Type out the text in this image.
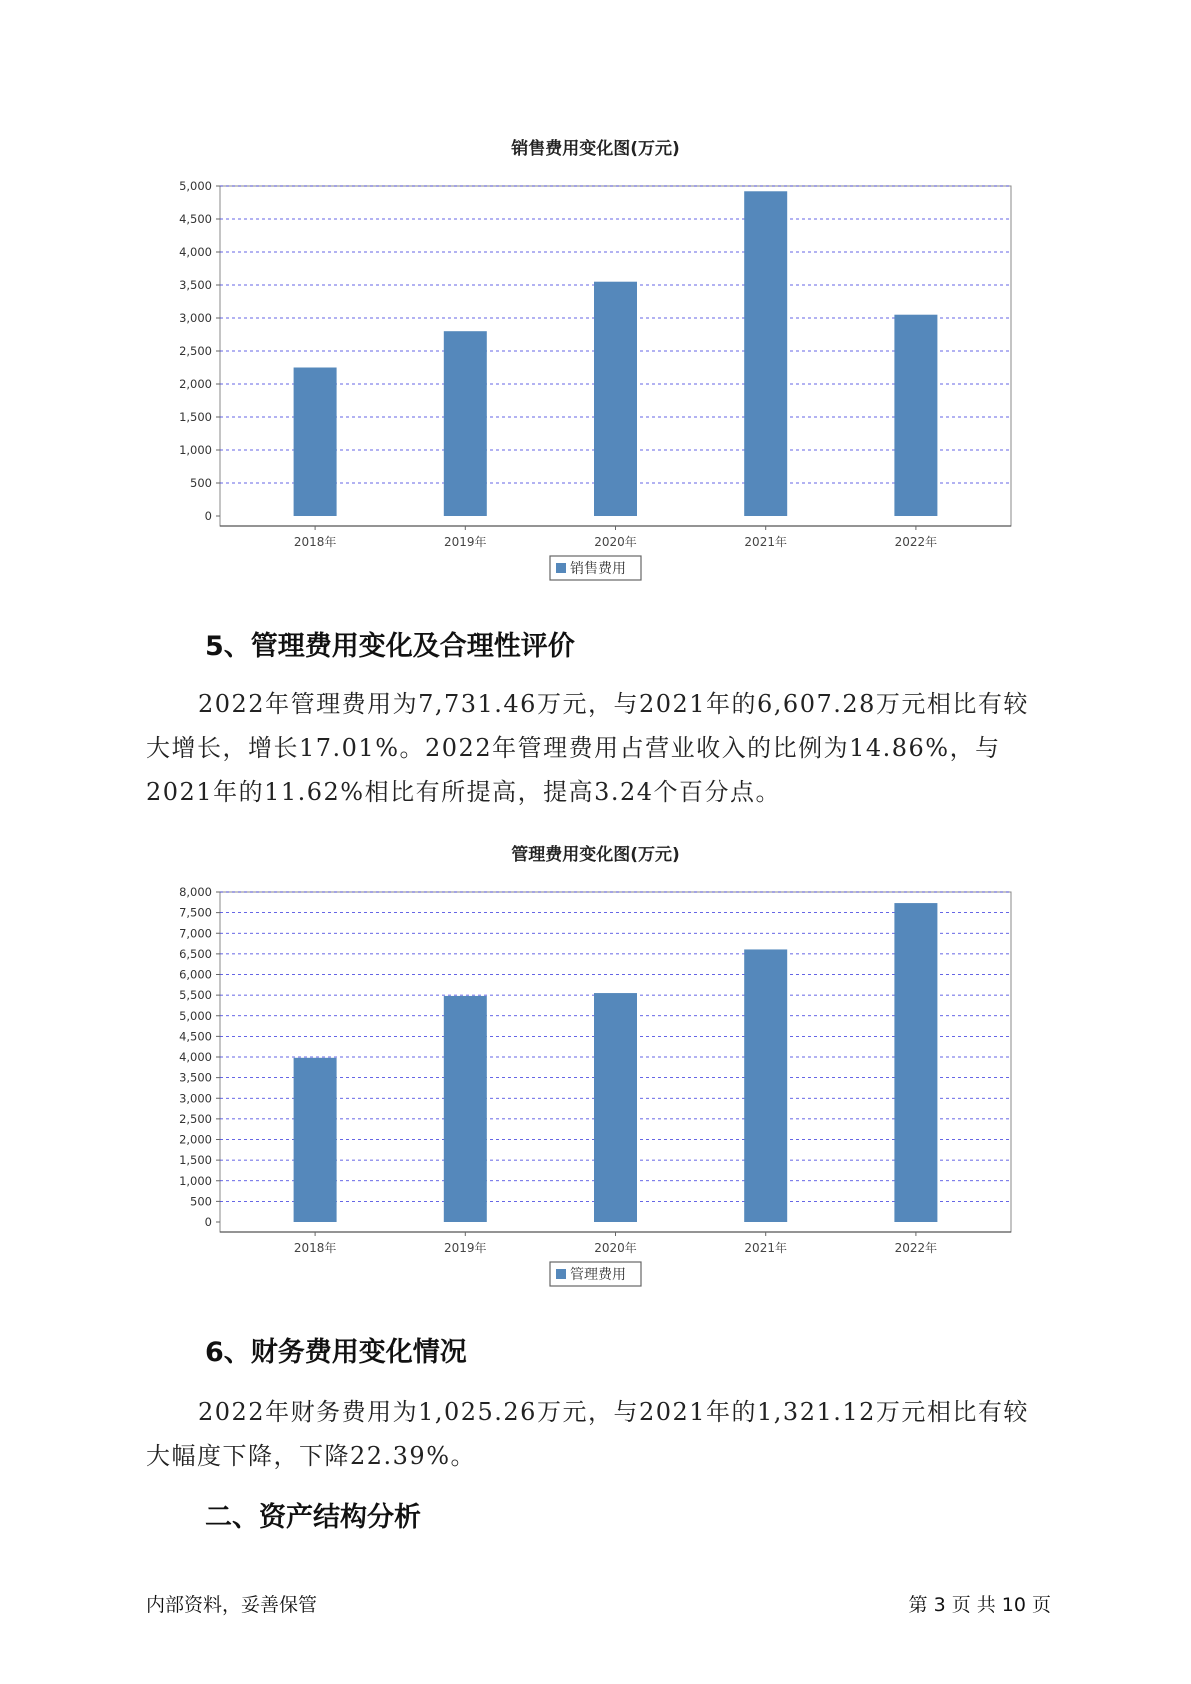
销售费用变化图(万元)
0
500
1,000
1,500
2,000
2,500
3,000
3,500
4,000
4,500
5,000
2018年	2019年	2020年	2021年	2022年
销售费用
5、管理费用变化及合理性评价

2022年管理费用为7,731.46万元，与2021年的6,607.28万元相比有较大增长，增长17.01%。2022年管理费用占营业收入的比例为14.86%，与2021年的11.62%相比有所提高，提高3.24个百分点。

管理费用变化图(万元)
0
500
1,000
1,500
2,000
2,500
3,000
3,500
4,000
4,500
5,000
5,500
6,000
6,500
7,000
7,500
8,000
2018年	2019年	2020年	2021年	2022年
管理费用
6、财务费用变化情况

2022年财务费用为1,025.26万元，与2021年的1,321.12万元相比有较大幅度下降，下降22.39%。

二、资产结构分析
内部资料，妥善保管	第 3 页 共 10 页
